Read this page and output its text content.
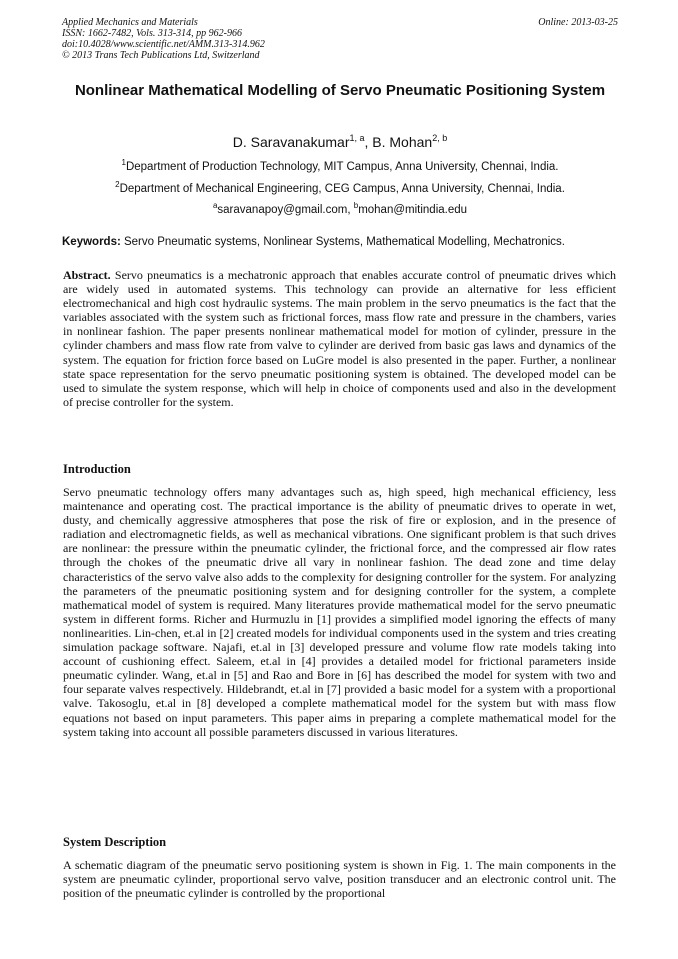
Applied Mechanics and Materials
ISSN: 1662-7482, Vols. 313-314, pp 962-966
doi:10.4028/www.scientific.net/AMM.313-314.962
© 2013 Trans Tech Publications Ltd, Switzerland
Online: 2013-03-25
Nonlinear Mathematical Modelling of Servo Pneumatic Positioning System
D. Saravanakumar$^{1, a}$, B. Mohan$^{2, b}$
$^1$Department of Production Technology, MIT Campus, Anna University, Chennai, India.
$^2$Department of Mechanical Engineering, CEG Campus, Anna University, Chennai, India.
$^a$saravanapoy@gmail.com, $^b$mohan@mitindia.edu
Keywords: Servo Pneumatic systems, Nonlinear Systems, Mathematical Modelling, Mechatronics.

Abstract. Servo pneumatics is a mechatronic approach that enables accurate control of pneumatic drives which are widely used in automated systems. This technology can provide an alternative for less efficient electromechanical and high cost hydraulic systems. The main problem in the servo pneumatics is the fact that the variables associated with the system such as frictional forces, mass flow rate and pressure in the chambers, varies in nonlinear fashion. The paper presents nonlinear mathematical model for motion of cylinder, pressure in the cylinder chambers and mass flow rate from valve to cylinder are derived from basic gas laws and dynamics of the system. The equation for friction force based on LuGre model is also presented in the paper. Further, a nonlinear state space representation for the servo pneumatic positioning system is obtained. The developed model can be used to simulate the system response, which will help in choice of components used and also in the development of precise controller for the system.

Introduction

Servo pneumatic technology offers many advantages such as, high speed, high mechanical efficiency, less maintenance and operating cost. The practical importance is the ability of pneumatic drives to operate in wet, dusty, and chemically aggressive atmospheres that pose the risk of fire or explosion, and in the presence of radiation and electromagnetic fields, as well as mechanical vibrations. One significant problem is that such drives are nonlinear: the pressure within the pneumatic cylinder, the frictional force, and the compressed air flow rates through the chokes of the pneumatic drive all vary in nonlinear fashion. The dead zone and time delay characteristics of the servo valve also adds to the complexity for designing controller for the system. For analyzing the parameters of the pneumatic positioning system and for designing controller for the system, a complete mathematical model of system is required. Many literatures provide mathematical model for the servo pneumatic system in different forms. Richer and Hurmuzlu in [1] provides a simplified model ignoring the effects of many nonlinearities. Lin-chen, et.al in [2] created models for individual components used in the system and tries creating simulation package software. Najafi, et.al in [3] developed pressure and volume flow rate models taking into account of cushioning effect. Saleem, et.al in [4] provides a detailed model for frictional parameters inside pneumatic cylinder. Wang, et.al in [5] and Rao and Bore in [6] has described the model for system with two and four separate valves respectively. Hildebrandt, et.al in [7] provided a basic model for a system with a proportional valve. Takosoglu, et.al in [8] developed a complete mathematical model for the system but with mass flow equations not based on input parameters. This paper aims in preparing a complete mathematical model for the system taking into account all possible parameters discussed in various literatures.

System Description

A schematic diagram of the pneumatic servo positioning system is shown in Fig. 1. The main components in the system are pneumatic cylinder, proportional servo valve, position transducer and an electronic control unit. The position of the pneumatic cylinder is controlled by the proportional
